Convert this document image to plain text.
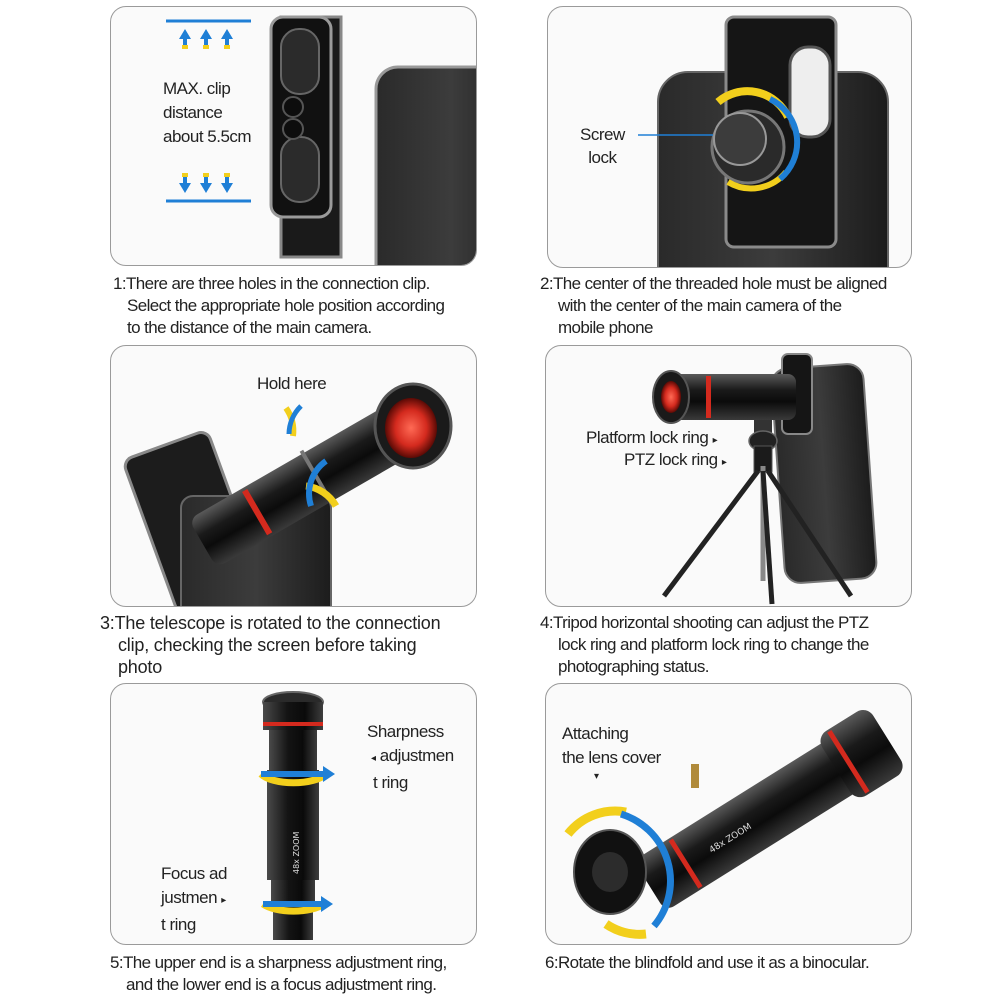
MAX. clip
distance
about 5.5cm
1:There are three holes in the connection clip.
Select the appropriate hole position according
to the distance of the main camera.
Screw
lock
2:The center of the threaded hole must be aligned
with the center of the main camera of the
mobile phone
Hold here
3:The telescope is rotated to the connection
clip, checking the screen before taking
photo
Platform lock ring ▸
PTZ lock ring ▸
4:Tripod horizontal shooting can adjust the PTZ
lock ring and platform lock ring to change the
photographing status.
48x ZOOM
Sharpness
◂ adjustmen
t ring
Focus ad
justmen ▸
t ring
5:The upper end is a sharpness adjustment ring,
and the lower end is a focus adjustment ring.
48x ZOOM
Attaching
the lens cover
▾
6:Rotate the blindfold and use it as a binocular.
